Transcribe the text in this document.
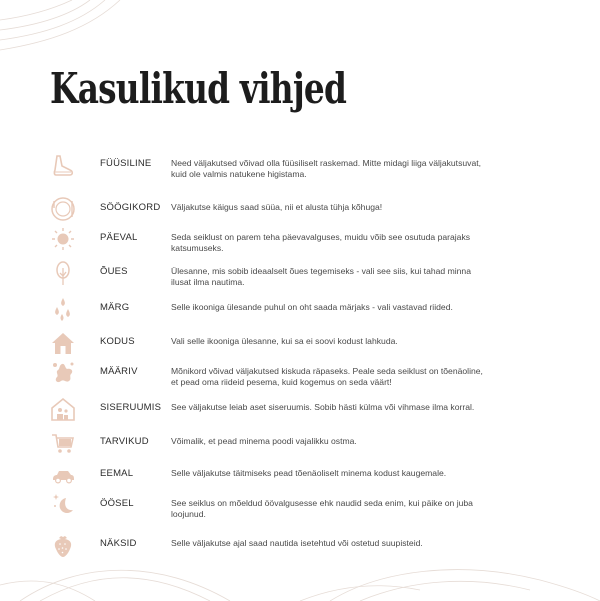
Kasulikud vihjed
FÜÜSILINE Need väljakutsed võivad olla füüsiliselt raskemad. Mitte midagi liiga väljakutsuvat, kuid ole valmis natukene higistama.
SÖÖGIKORD Väljakutse käigus saad süüa, nii et alusta tühja kõhuga!
PÄEVAL	Seda seiklust on parem teha päevavalguses, muidu võib see osutuda parajaks katsumuseks.
ÕUES	Ülesanne, mis sobib ideaalselt õues tegemiseks - vali see siis, kui tahad minna ilusat ilma nautima.
MÄRG	Selle ikooniga ülesande puhul on oht saada märjaks - vali vastavad riided.
KODUS	Vali selle ikooniga ülesanne, kui sa ei soovi kodust lahkuda.
MÄÄRIV	Mõnikord võivad väljakutsed kiskuda räpaseks. Peale seda seiklust on tõenäoline, et pead oma riideid pesema, kuid kogemus on seda väärt!
SISERUUMIS See väljakutse leiab aset siseruumis. Sobib hästi külma või vihmase ilma korral.
TARVIKUD	Võimalik, et pead minema poodi vajalikku ostma.
EEMAL	Selle väljakutse täitmiseks pead tõenäoliselt minema kodust kaugemale.
ÖÖSEL	See seiklus on mõeldud öövalgusesse ehk naudid seda enim, kui päike on juba loojunud.
NÄKSID	Selle väljakutse ajal saad nautida isetehtud või ostetud suupisteid.
